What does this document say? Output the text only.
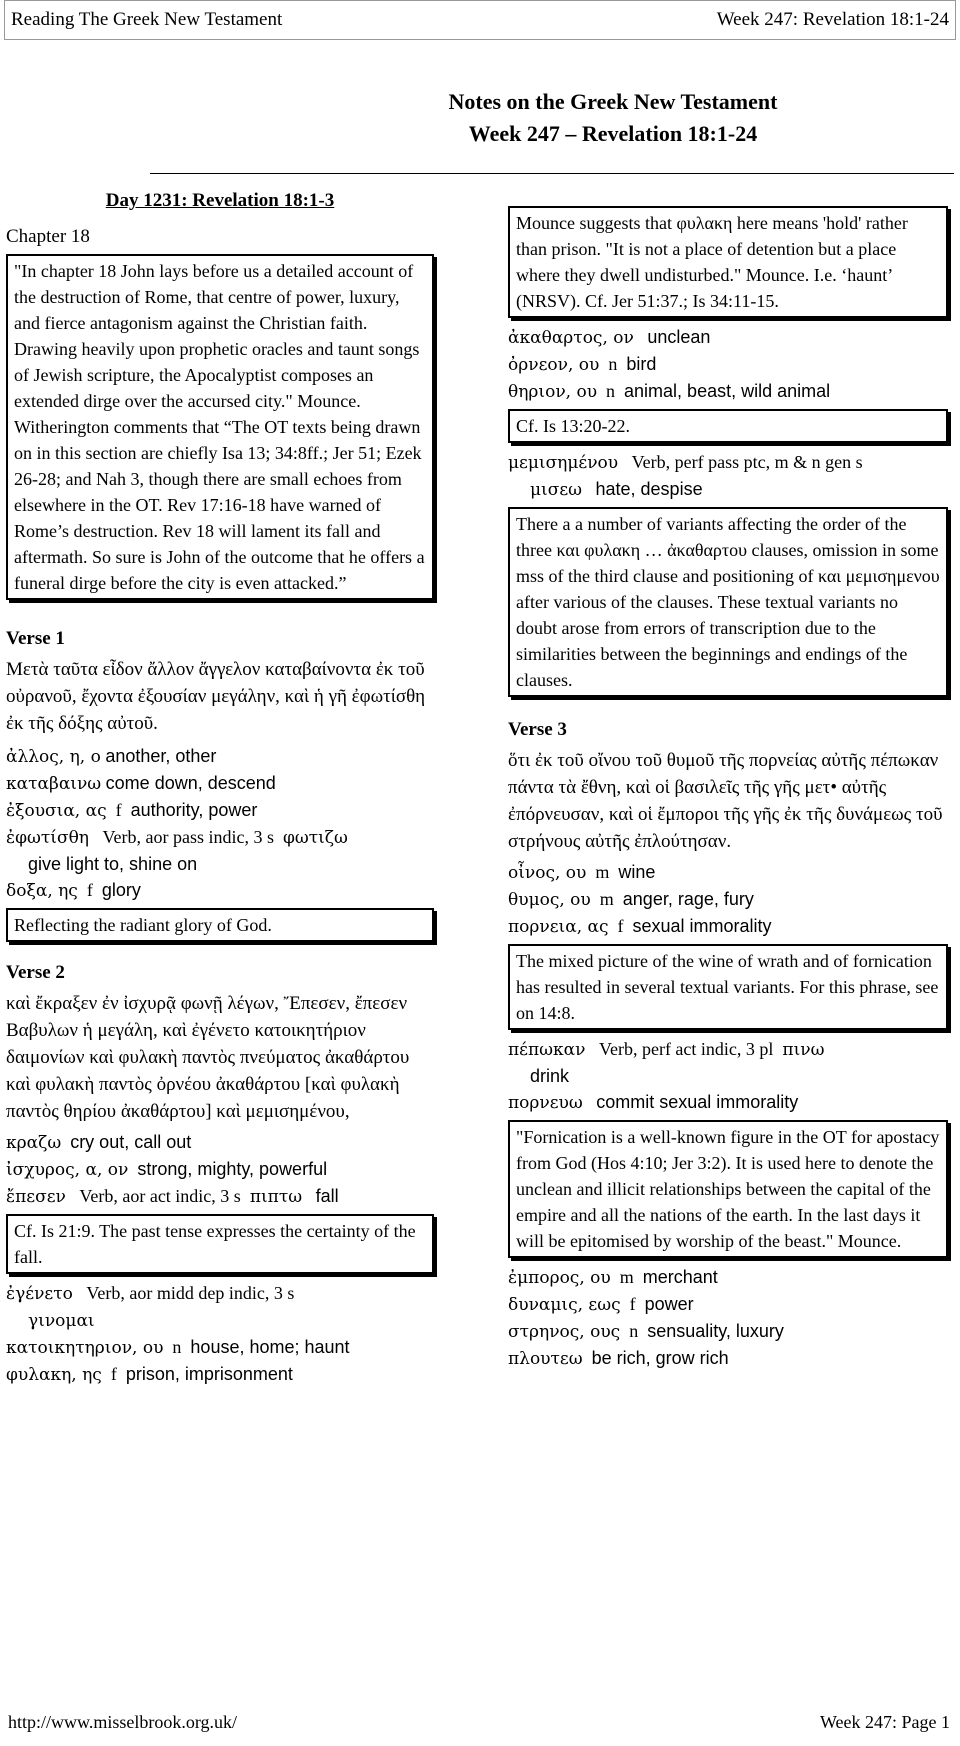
Reading The Greek New Testament	Week 247: Revelation 18:1-24
Notes on the Greek New Testament
Week 247 – Revelation 18:1-24
Day 1231: Revelation 18:1-3
Chapter 18
"In chapter 18 John lays before us a detailed account of the destruction of Rome, that centre of power, luxury, and fierce antagonism against the Christian faith. Drawing heavily upon prophetic oracles and taunt songs of Jewish scripture, the Apocalyptist composes an extended dirge over the accursed city." Mounce.
Witherington comments that “The OT texts being drawn on in this section are chiefly Isa 13; 34:8ff.; Jer 51; Ezek 26-28; and Nah 3, though there are small echoes from elsewhere in the OT. Rev 17:16-18 have warned of Rome’s destruction. Rev 18 will lament its fall and aftermath. So sure is John of the outcome that he offers a funeral dirge before the city is even attacked.”
Verse 1
Μετὰ ταῦτα εἶδον ἄλλον ἄγγελον καταβαίνοντα ἐκ τοῦ οὐρανοῦ, ἔχοντα ἐξουσίαν μεγάλην, καὶ ἡ γῆ ἐφωτίσθη ἐκ τῆς δόξης αὐτοῦ.
ἀλλος, η, ο another, other
καταβαινω come down, descend
ἐξουσια, ας f authority, power
ἐφωτίσθη Verb, aor pass indic, 3 s φωτιζω
give light to, shine on
δοξα, ης f glory
Reflecting the radiant glory of God.
Verse 2
καὶ ἔκραξεν ἐν ἰσχυρᾷ φωνῇ λέγων, Ἔπεσεν, ἔπεσεν Βαβυλων ἡ μεγάλη, καὶ ἐγένετο κατοικητήριον δαιμονίων καὶ φυλακὴ παντὸς πνεύματος ἀκαθάρτου καὶ φυλακὴ παντὸς ὀρνέου ἀκαθάρτου [καὶ φυλακὴ παντὸς θηρίου ἀκαθάρτου] καὶ μεμισημένου,
κραζω cry out, call out
ἰσχυρος, α, ον strong, mighty, powerful
ἔπεσεν Verb, aor act indic, 3 s πιπτω fall
Cf. Is 21:9. The past tense expresses the certainty of the fall.
ἐγένετο Verb, aor midd dep indic, 3 s
γινομαι
κατοικητηριον, ου n house, home; haunt
φυλακη, ης f prison, imprisonment
Mounce suggests that φυλακη here means 'hold' rather than prison. "It is not a place of detention but a place where they dwell undisturbed." Mounce. I.e. ‘haunt’ (NRSV). Cf. Jer 51:37.; Is 34:11-15.
ἀκαθαρτος, ον unclean
ὀρνεον, ου n bird
θηριον, ου n animal, beast, wild animal
Cf. Is 13:20-22.
μεμισημένου Verb, perf pass ptc, m & n gen s
μισεω hate, despise
There a a number of variants affecting the order of the three και φυλακη … ἀκαθαρτου clauses, omission in some mss of the third clause and positioning of και μεμισημενου after various of the clauses. These textual variants no doubt arose from errors of transcription due to the similarities between the beginnings and endings of the clauses.
Verse 3
ὅτι ἐκ τοῦ οἴνου τοῦ θυμοῦ τῆς πορνείας αὐτῆς πέπωκαν πάντα τὰ ἔθνη, καὶ οἱ βασιλεῖς τῆς γῆς μετ• αὐτῆς ἐπόρνευσαν, καὶ οἱ ἔμποροι τῆς γῆς ἐκ τῆς δυνάμεως τοῦ στρήνους αὐτῆς ἐπλούτησαν.
οἶνος, ου m wine
θυμος, ου m anger, rage, fury
πορνεια, ας f sexual immorality
The mixed picture of the wine of wrath and of fornication has resulted in several textual variants. For this phrase, see on 14:8.
πέπωκαν Verb, perf act indic, 3 pl πινω
drink
πορνευω commit sexual immorality
"Fornication is a well-known figure in the OT for apostacy from God (Hos 4:10; Jer 3:2). It is used here to denote the unclean and illicit relationships between the capital of the empire and all the nations of the earth. In the last days it will be epitomised by worship of the beast." Mounce.
ἐμπορος, ου m merchant
δυναμις, εως f power
στρηνος, ους n sensuality, luxury
πλουτεω be rich, grow rich
http://www.misselbrook.org.uk/	Week 247: Page 1
